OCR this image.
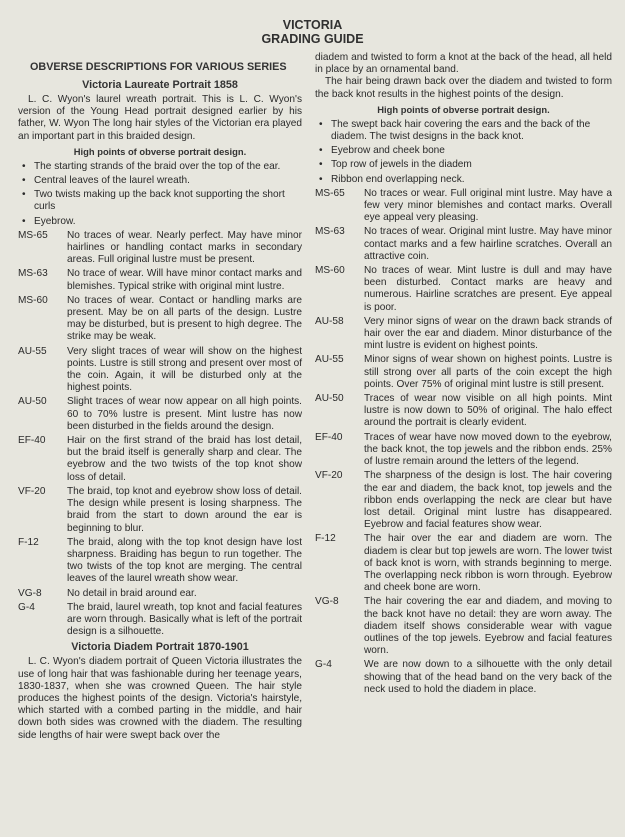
VICTORIA
GRADING GUIDE
OBVERSE DESCRIPTIONS FOR VARIOUS SERIES
Victoria Laureate Portrait 1858

L. C. Wyon's laurel wreath portrait. This is L. C. Wyon's version of the Young Head portrait designed earlier by his father, W. Wyon The long hair styles of the Victorian era played an important part in this braided design.

High points of obverse portrait design.
• The starting strands of the braid over the top of the ear.
• Central leaves of the laurel wreath.
• Two twists making up the back knot supporting the short curls
• Eyebrow.
MS-65	No traces of wear. Nearly perfect. May have minor hairlines or handling contact marks in secondary areas. Full original lustre must be present.
MS-63	No trace of wear. Will have minor contact marks and blemishes. Typical strike with original mint lustre.
MS-60	No traces of wear. Contact or handling marks are present. May be on all parts of the design. Lustre may be disturbed, but is present to high degree. The strike may be weak.
AU-55	Very slight traces of wear will show on the highest points. Lustre is still strong and present over most of the coin. Again, it will be disturbed only at the highest points.
AU-50	Slight traces of wear now appear on all high points. 60 to 70% lustre is present. Mint lustre has now been disturbed in the fields around the design.
EF-40	Hair on the first strand of the braid has lost detail, but the braid itself is generally sharp and clear. The eyebrow and the two twists of the top knot show loss of detail.
VF-20	The braid, top knot and eyebrow show loss of detail. The design while present is losing sharpness. The braid from the start to down around the ear is beginning to blur.
F-12	The braid, along with the top knot design have lost sharpness. Braiding has begun to run together. The two twists of the top knot are merging. The central leaves of the laurel wreath show wear.
VG-8	No detail in braid around ear.
G-4	The braid, laurel wreath, top knot and facial features are worn through. Basically what is left of the portrait design is a silhouette.
Victoria Diadem Portrait 1870-1901

L. C. Wyon's diadem portrait of Queen Victoria illustrates the use of long hair that was fashionable during her teenage years, 1830-1837, when she was crowned Queen. The hair style produces the highest points of the design. Victoria's hairstyle, which started with a combed parting in the middle, and hair down both sides was crowned with the diadem. The resulting side lengths of hair were swept back over the

diadem and twisted to form a knot at the back of the head, all held in place by an ornamental band.

The hair being drawn back over the diadem and twisted to form the back knot results in the highest points of the design.

High points of obverse portrait design.
• The swept back hair covering the ears and the back of the diadem. The twist designs in the back knot.
• Eyebrow and cheek bone
• Top row of jewels in the diadem
• Ribbon end overlapping neck.
MS-65	No traces or wear. Full original mint lustre. May have a few very minor blemishes and contact marks. Overall eye appeal very pleasing.
MS-63	No traces of wear. Original mint lustre. May have minor contact marks and a few hairline scratches. Overall an attractive coin.
MS-60	No traces of wear. Mint lustre is dull and may have been disturbed. Contact marks are heavy and numerous. Hairline scratches are present. Eye appeal is poor.
AU-58	Very minor signs of wear on the drawn back strands of hair over the ear and diadem. Minor disturbance of the mint lustre is evident on highest points.
AU-55	Minor signs of wear shown on highest points. Lustre is still strong over all parts of the coin except the high points. Over 75% of original mint lustre is still present.
AU-50	Traces of wear now visible on all high points. Mint lustre is now down to 50% of original. The halo effect around the portrait is clearly evident.
EF-40	Traces of wear have now moved down to the eyebrow, the back knot, the top jewels and the ribbon ends. 25% of lustre remain around the letters of the legend.
VF-20	The sharpness of the design is lost. The hair covering the ear and diadem, the back knot, top jewels and the ribbon ends overlapping the neck are clear but have lost detail. Original mint lustre has disappeared. Eyebrow and facial features show wear.
F-12	The hair over the ear and diadem are worn. The diadem is clear but top jewels are worn. The lower twist of back knot is worn, with strands beginning to merge. The overlapping neck ribbon is worn through. Eyebrow and cheek bone are worn.
VG-8	The hair covering the ear and diadem, and moving to the back knot have no detail: they are worn away. The diadem itself shows considerable wear with vague outlines of the top jewels. Eyebrow and facial features worn.
G-4	We are now down to a silhouette with the only detail showing that of the head band on the very back of the neck used to hold the diadem in place.
